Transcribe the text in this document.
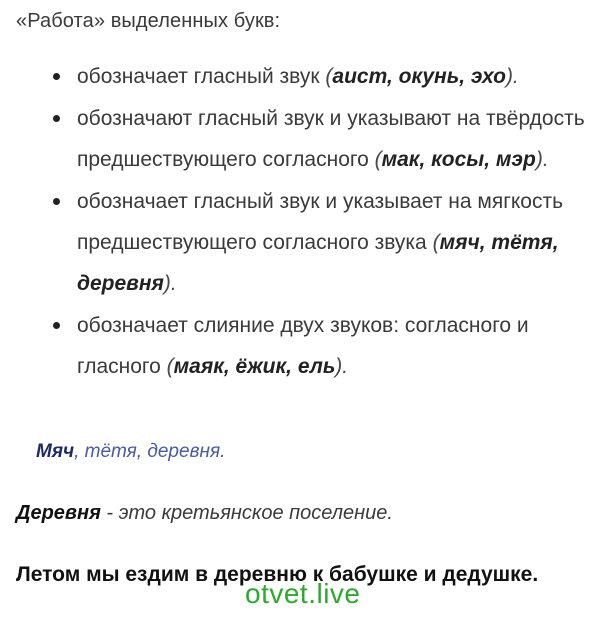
«Работа» выделенных букв:
обозначает гласный звук (аист, окунь, эхо).
обозначают гласный звук и указывают на твёрдость предшествующего согласного (мак, косы, мэр).
обозначает гласный звук и указывает на мягкость предшествующего согласного звука (мяч, тётя, деревня).
обозначает слияние двух звуков: согласного и гласного (маяк, ёжик, ель).
Мяч, тётя, деревня.
Деревня - это кретьянское поселение.
Летом мы ездим в деревню к бабушке и дедушке.
otvet.live
